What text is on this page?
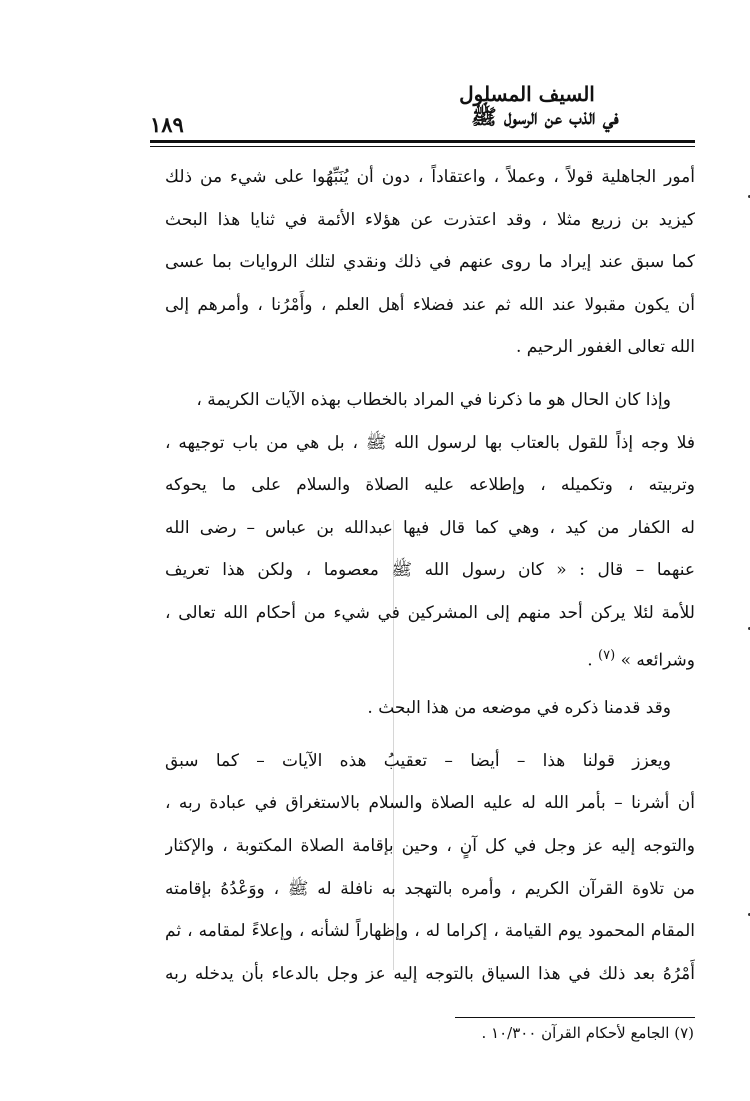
السيف المسلول
في الذب عن الرسول ﷺ
١٨٩
أمور الجاهلية قولاً ، وعملاً ، واعتقاداً ، دون أن يُنَبِّهُوا على شيء من ذلك
كيزيد بن زريع مثلا ، وقد اعتذرت عن هؤلاء الأئمة في ثنايا هذا البحث
كما سبق عند إيراد ما روى عنهم في ذلك ونقدي لتلك الروايات بما عسى
أن يكون مقبولا عند الله ثم عند فضلاء أهل العلم ، وأَمْرُنا ، وأمرهم إلى
الله تعالى الغفور الرحيم .
وإذا كان الحال هو ما ذكرنا في المراد بالخطاب بهذه الآيات الكريمة ،
فلا وجه إذاً للقول بالعتاب بها لرسول الله ﷺ ، بل هي من باب توجيهه ،
وتربيته ، وتكميله ، وإطلاعه عليه الصلاة والسلام على ما يحوكه
له الكفار من كيد ، وهي كما قال فيها عبدالله بن عباس – رضى الله
عنهما – قال : « كان رسول الله ﷺ معصوما ، ولكن هذا تعريف
للأمة لئلا يركن أحد منهم إلى المشركين في شيء من أحكام الله تعالى ،
وشرائعه » $^{(٧)}$ .
وقد قدمنا ذكره في موضعه من هذا البحث .
ويعزز قولنا هذا – أيضا – تعقيبُ هذه الآيات – كما سبق
أن أشرنا – بأمر الله له عليه الصلاة والسلام بالاستغراق في عبادة ربه ،
والتوجه إليه عز وجل في كل آنٍ ، وحين بإقامة الصلاة المكتوبة ، والإكثار
من تلاوة القرآن الكريم ، وأمره بالتهجد به نافلة له ﷺ ، ووَعْدُهُ بإقامته
المقام المحمود يوم القيامة ، إكراما له ، وإظهاراً لشأنه ، وإعلاءً لمقامه ، ثم
أَمْرُهُ بعد ذلك في هذا السياق بالتوجه إليه عز وجل بالدعاء بأن يدخله ربه
(٧) الجامع لأحكام القرآن ١٠/٣٠٠ .
